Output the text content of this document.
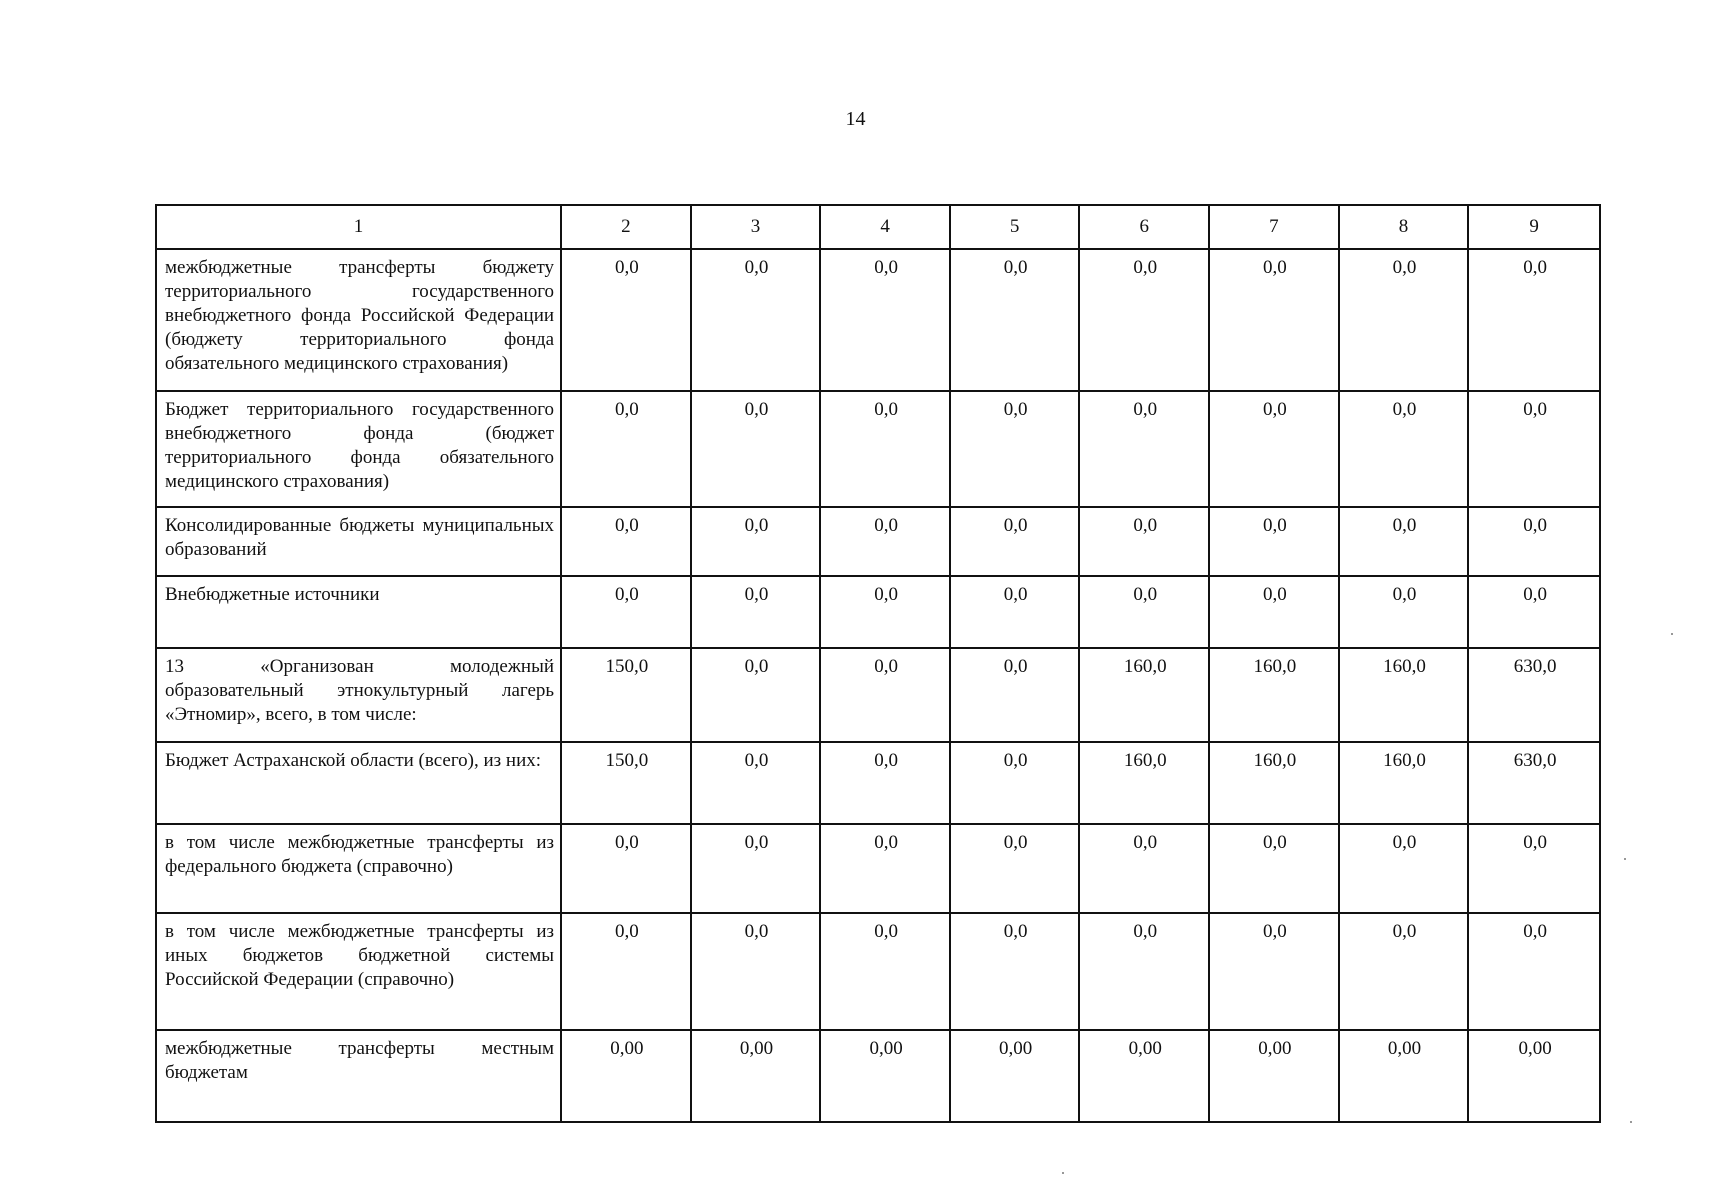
14
1	2	3	4	5	6	7	8	9
межбюджетные трансферты бюджету территориального государственного внебюджетного фонда Российской Федерации (бюджету территориального фонда обязательного медицинского страхования)	0,0	0,0	0,0	0,0	0,0	0,0	0,0	0,0
Бюджет территориального государственного внебюджетного фонда (бюджет территориального фонда обязательного медицинского страхования)	0,0	0,0	0,0	0,0	0,0	0,0	0,0	0,0
Консолидированные бюджеты муниципальных образований	0,0	0,0	0,0	0,0	0,0	0,0	0,0	0,0
Внебюджетные источники	0,0	0,0	0,0	0,0	0,0	0,0	0,0	0,0
13 «Организован молодежный образовательный этнокультурный лагерь «Этномир», всего, в том числе:	150,0	0,0	0,0	0,0	160,0	160,0	160,0	630,0
Бюджет Астраханской области (всего), из них:	150,0	0,0	0,0	0,0	160,0	160,0	160,0	630,0
в том числе межбюджетные трансферты из федерального бюджета (справочно)	0,0	0,0	0,0	0,0	0,0	0,0	0,0	0,0
в том числе межбюджетные трансферты из иных бюджетов бюджетной системы Российской Федерации (справочно)	0,0	0,0	0,0	0,0	0,0	0,0	0,0	0,0
межбюджетные трансферты местным бюджетам	0,00	0,00	0,00	0,00	0,00	0,00	0,00	0,00
